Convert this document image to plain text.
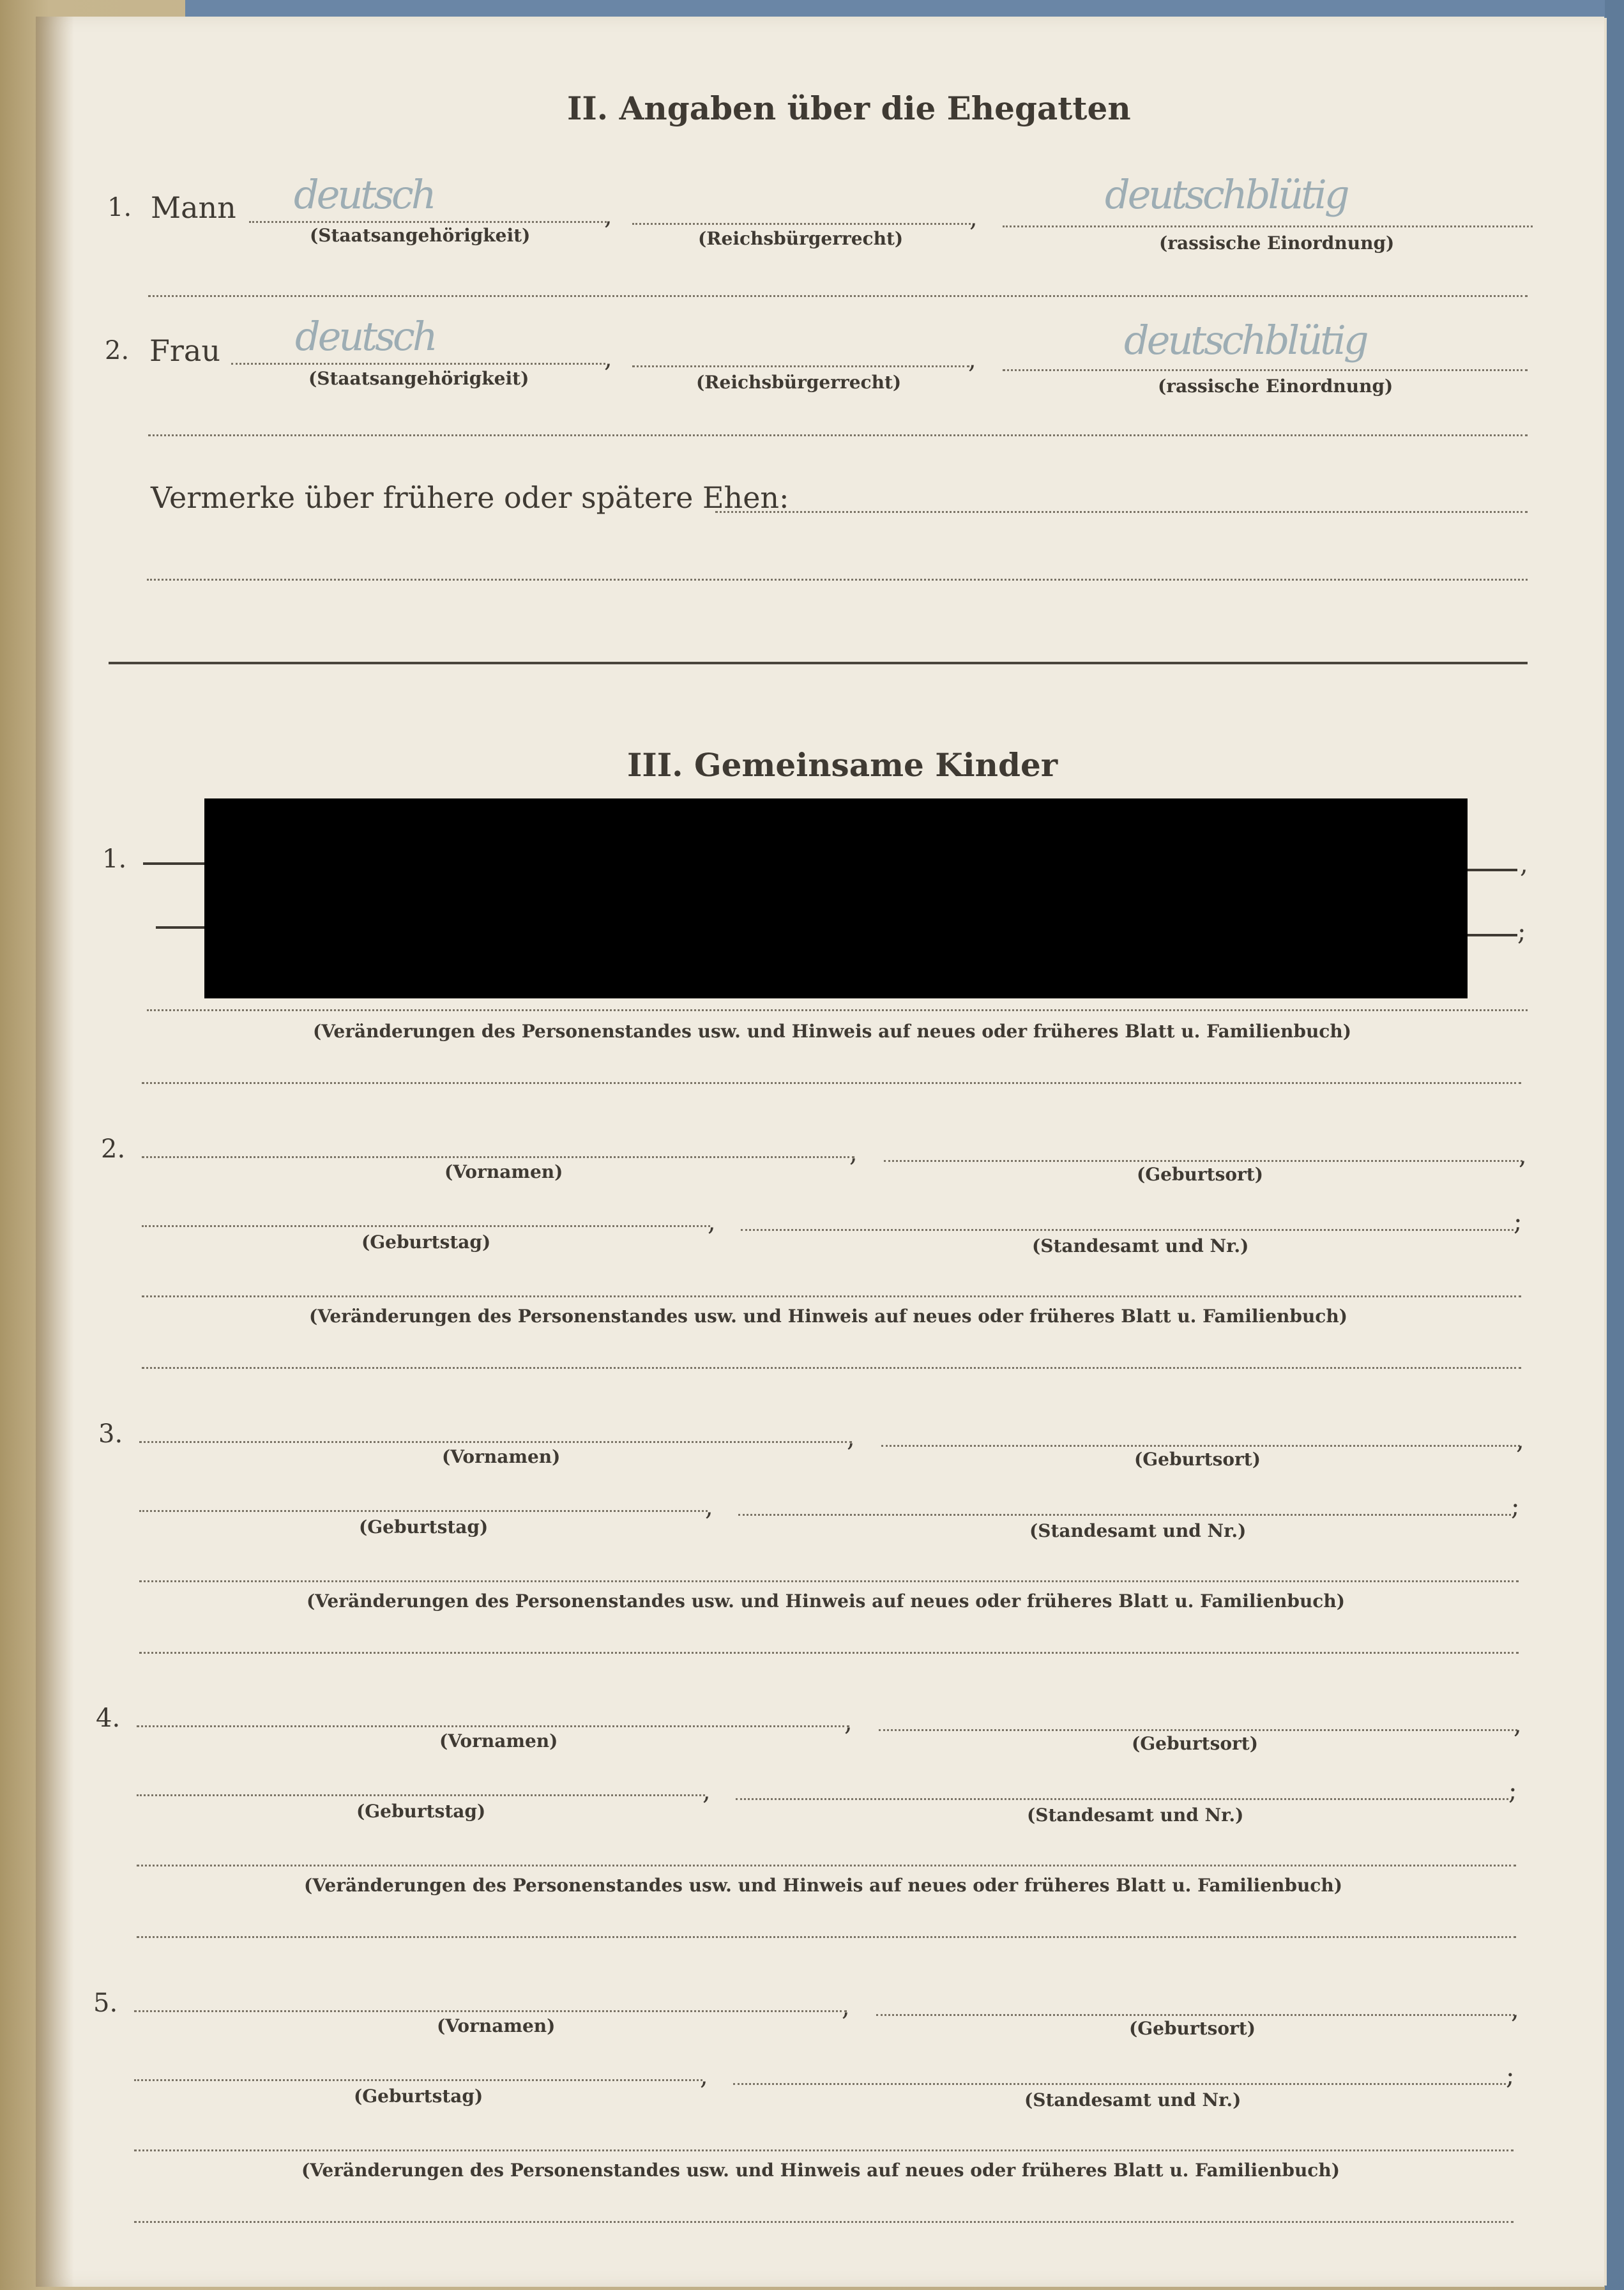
II. Angaben über die Ehegatten
1. Mann deutsch	,	,	deutschblütig
(Staatsangehörigkeit)	(Reichsbürgerrecht)	(rassische Einordnung)
2. Frau deutsch	,	,	deutschblütig
(Staatsangehörigkeit)	(Reichsbürgerrecht)	(rassische Einordnung)
Vermerke über frühere oder spätere Ehen:
III. Gemeinsame Kinder
1.	,
;
(Veränderungen des Personenstandes usw. und Hinweis auf neues oder früheres Blatt u. Familienbuch)
2.	,	,
(Vornamen)	(Geburtsort)
,	;
(Geburtstag)	(Standesamt und Nr.)
(Veränderungen des Personenstandes usw. und Hinweis auf neues oder früheres Blatt u. Familienbuch)
3.	,	,
(Vornamen)	(Geburtsort)
,	;
(Geburtstag)	(Standesamt und Nr.)
(Veränderungen des Personenstandes usw. und Hinweis auf neues oder früheres Blatt u. Familienbuch)
4.	,	,
(Vornamen)	(Geburtsort)
,	;
(Geburtstag)	(Standesamt und Nr.)
(Veränderungen des Personenstandes usw. und Hinweis auf neues oder früheres Blatt u. Familienbuch)
5.	,	,
(Vornamen)	(Geburtsort)
,	;
(Geburtstag)	(Standesamt und Nr.)
(Veränderungen des Personenstandes usw. und Hinweis auf neues oder früheres Blatt u. Familienbuch)
